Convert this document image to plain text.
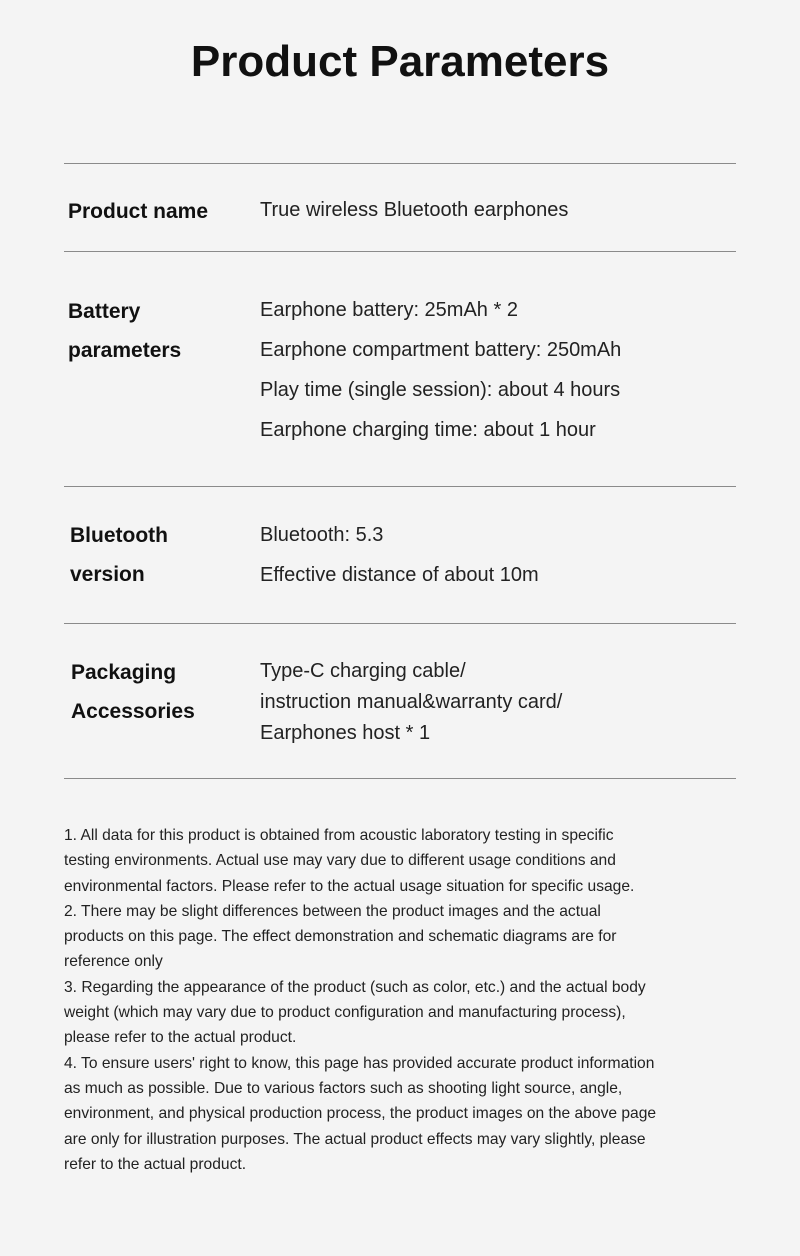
Product Parameters
Product name	True wireless Bluetooth earphones
Battery
parameters
Earphone battery: 25mAh * 2
Earphone compartment battery: 250mAh
Play time (single session): about 4 hours
Earphone charging time: about 1 hour
Bluetooth
version
Bluetooth: 5.3
Effective distance of about 10m
Packaging
Accessories
Type-C charging cable/
instruction manual&warranty card/
Earphones host * 1
1. All data for this product is obtained from acoustic laboratory testing in specific
testing environments. Actual use may vary due to different usage conditions and
environmental factors. Please refer to the actual usage situation for specific usage.
2. There may be slight differences between the product images and the actual
products on this page. The effect demonstration and schematic diagrams are for
reference only
3. Regarding the appearance of the product (such as color, etc.) and the actual body
weight (which may vary due to product configuration and manufacturing process),
please refer to the actual product.
4. To ensure users' right to know, this page has provided accurate product information
as much as possible. Due to various factors such as shooting light source, angle,
environment, and physical production process, the product images on the above page
are only for illustration purposes. The actual product effects may vary slightly, please
refer to the actual product.
